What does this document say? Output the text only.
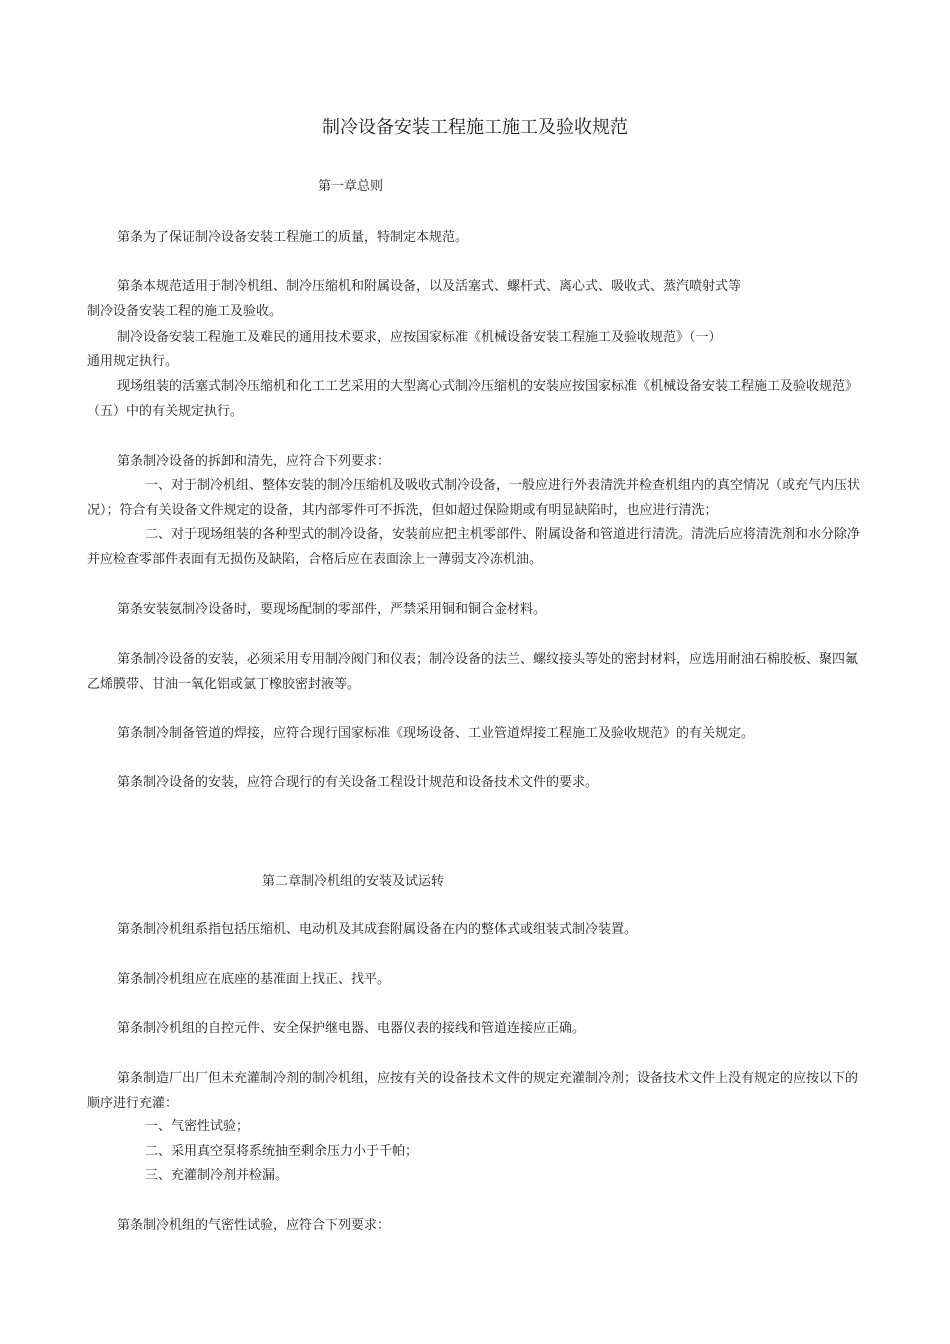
制冷设备安装工程施工施工及验收规范
第一章总则
第条为了保证制冷设备安装工程施工的质量，特制定本规范。
第条本规范适用于制冷机组、制冷压缩机和附属设备，以及活塞式、螺杆式、离心式、吸收式、蒸汽喷射式等
制冷设备安装工程的施工及验收。
制冷设备安装工程施工及难民的通用技术要求，应按国家标准《机械设备安装工程施工及验收规范》（一）
通用规定执行。
现场组装的活塞式制冷压缩机和化工工艺采用的大型离心式制冷压缩机的安装应按国家标准《机械设备安装工程施工及验收规范》（五）中的有关规定执行。
第条制冷设备的拆卸和清先，应符合下列要求：
一、对于制冷机组、整体安装的制冷压缩机及吸收式制冷设备，一般应进行外表清洗并检查机组内的真空情况（或充气内压状况）；符合有关设备文件规定的设备，其内部零件可不拆洗，但如超过保险期或有明显缺陷时，也应进行清洗；
二、对于现场组装的各种型式的制冷设备，安装前应把主机零部件、附属设备和管道进行清洗。清洗后应将清洗剂和水分除净并应检查零部件表面有无损伤及缺陷，合格后应在表面涂上一薄弱支冷冻机油。
第条安装氨制冷设备时，要现场配制的零部件，严禁采用铜和铜合金材料。
第条制冷设备的安装，必须采用专用制冷阀门和仪表；制冷设备的法兰、螺纹接头等处的密封材料，应选用耐油石棉胶板、聚四氟乙烯膜带、甘油一氧化铝或氯丁橡胶密封液等。
第条制冷制备管道的焊接，应符合现行国家标准《现场设备、工业管道焊接工程施工及验收规范》的有关规定。
第条制冷设备的安装，应符合现行的有关设备工程设计规范和设备技术文件的要求。
第二章制冷机组的安装及试运转
第条制冷机组系指包括压缩机、电动机及其成套附属设备在内的整体式或组装式制冷装置。
第条制冷机组应在底座的基准面上找正、找平。
第条制冷机组的自控元件、安全保护继电器、电器仪表的接线和管道连接应正确。
第条制造厂出厂但未充灌制冷剂的制冷机组，应按有关的设备技术文件的规定充灌制冷剂；设备技术文件上没有规定的应按以下的顺序进行充灌：
一、气密性试验；
二、采用真空泵将系统抽至剩余压力小于千帕；
三、充灌制冷剂并检漏。
第条制冷机组的气密性试验，应符合下列要求：
